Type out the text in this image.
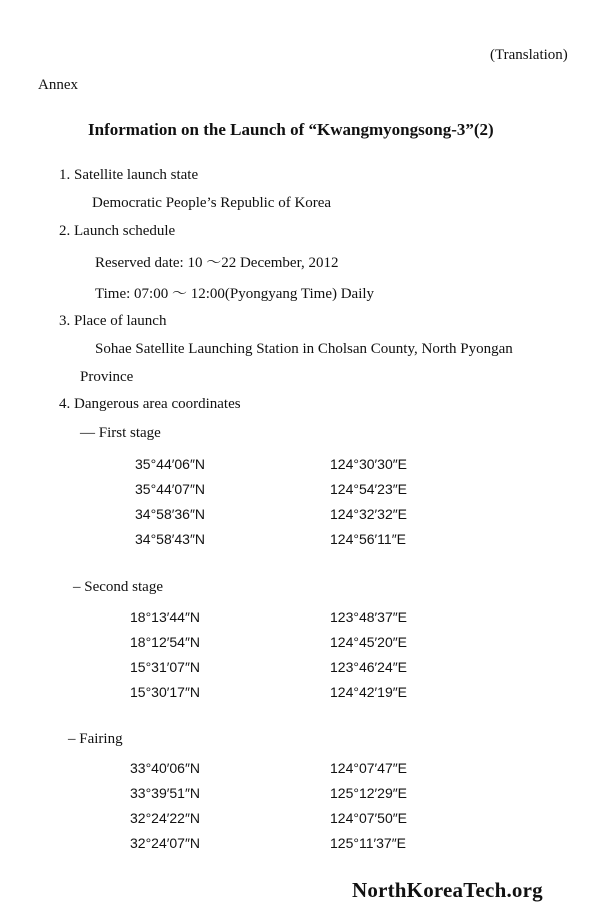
(Translation)
Annex
Information on the Launch of “Kwangmyongsong-3”(2)
1. Satellite launch state
Democratic People’s Republic of Korea
2. Launch schedule
Reserved date: 10 ～22 December, 2012
Time: 07:00 ～ 12:00(Pyongyang Time) Daily
3. Place of launch
Sohae Satellite Launching Station in Cholsan County, North Pyongan
Province
4. Dangerous area coordinates
— First stage
35°44′06″N	124°30′30″E
35°44′07″N	124°54′23″E
34°58′36″N	124°32′32″E
34°58′43″N	124°56′11″E
– Second stage
18°13′44″N	123°48′37″E
18°12′54″N	124°45′20″E
15°31′07″N	123°46′24″E
15°30′17″N	124°42′19″E
– Fairing
33°40′06″N	124°07′47″E
33°39′51″N	125°12′29″E
32°24′22″N	124°07′50″E
32°24′07″N	125°11′37″E
NorthKoreaTech.org
